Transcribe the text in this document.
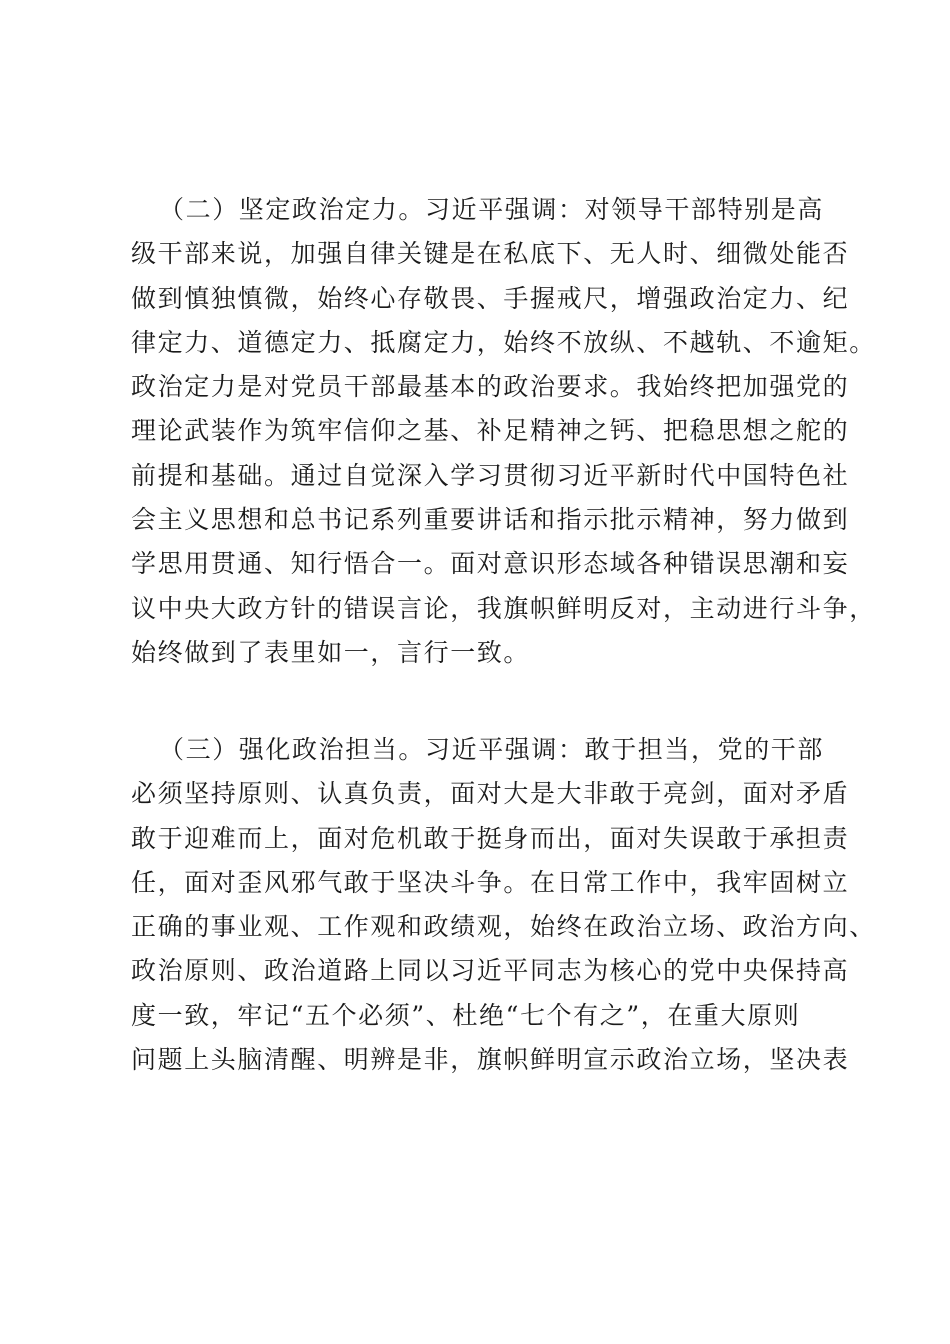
（二）坚定政治定力。习近平强调：对领导干部特别是高
级干部来说，加强自律关键是在私底下、无人时、细微处能否
做到慎独慎微，始终心存敬畏、手握戒尺，增强政治定力、纪
律定力、道德定力、抵腐定力，始终不放纵、不越轨、不逾矩。
政治定力是对党员干部最基本的政治要求。我始终把加强党的
理论武装作为筑牢信仰之基、补足精神之钙、把稳思想之舵的
前提和基础。通过自觉深入学习贯彻习近平新时代中国特色社
会主义思想和总书记系列重要讲话和指示批示精神，努力做到
学思用贯通、知行悟合一。面对意识形态域各种错误思潮和妄
议中央大政方针的错误言论，我旗帜鲜明反对，主动进行斗争，
始终做到了表里如一，言行一致。
（三）强化政治担当。习近平强调：敢于担当，党的干部
必须坚持原则、认真负责，面对大是大非敢于亮剑，面对矛盾
敢于迎难而上，面对危机敢于挺身而出，面对失误敢于承担责
任，面对歪风邪气敢于坚决斗争。在日常工作中，我牢固树立
正确的事业观、工作观和政绩观，始终在政治立场、政治方向、
政治原则、政治道路上同以习近平同志为核心的党中央保持高
度一致，牢记“五个必须”、杜绝“七个有之”，在重大原则
问题上头脑清醒、明辨是非，旗帜鲜明宣示政治立场，坚决表
